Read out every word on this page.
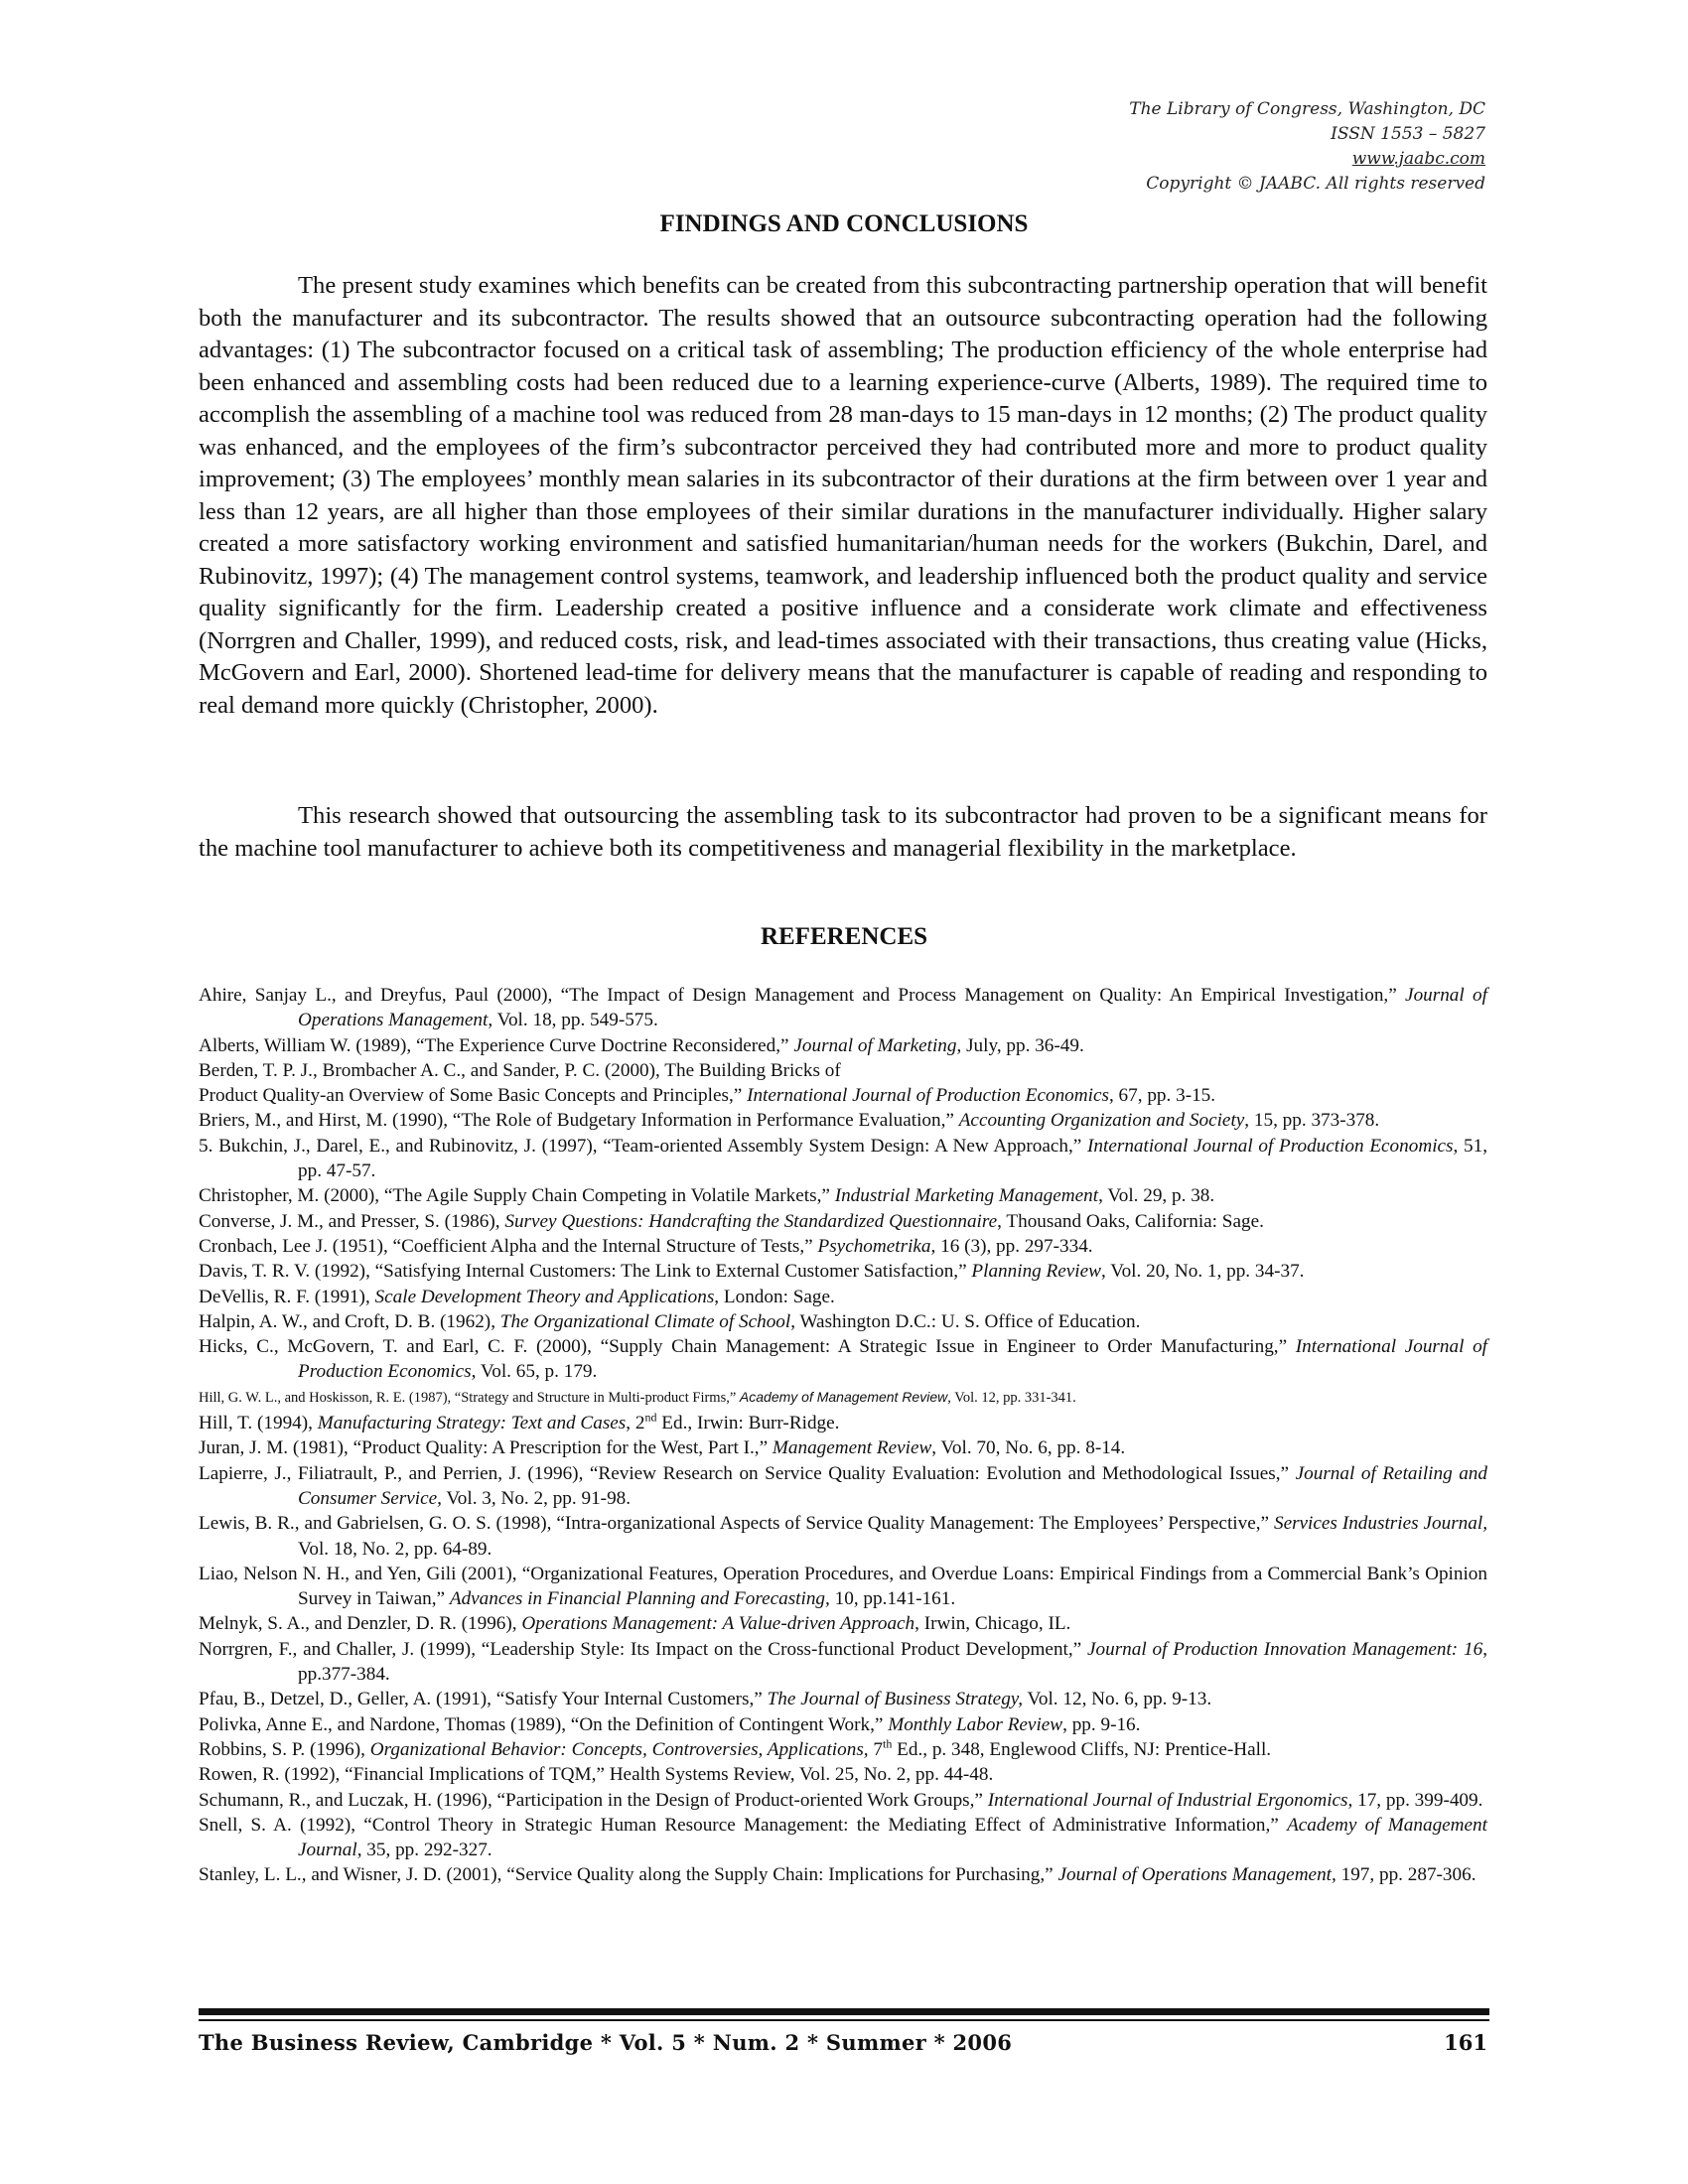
The Library of Congress, Washington, DC
ISSN 1553 – 5827
www.jaabc.com
Copyright © JAABC. All rights reserved
FINDINGS AND CONCLUSIONS

The present study examines which benefits can be created from this subcontracting partnership operation that will benefit both the manufacturer and its subcontractor. The results showed that an outsource subcontracting operation had the following advantages: (1) The subcontractor focused on a critical task of assembling; The production efficiency of the whole enterprise had been enhanced and assembling costs had been reduced due to a learning experience-curve (Alberts, 1989). The required time to accomplish the assembling of a machine tool was reduced from 28 man-days to 15 man-days in 12 months; (2) The product quality was enhanced, and the employees of the firm’s subcontractor perceived they had contributed more and more to product quality improvement; (3) The employees’ monthly mean salaries in its subcontractor of their durations at the firm between over 1 year and less than 12 years, are all higher than those employees of their similar durations in the manufacturer individually. Higher salary created a more satisfactory working environment and satisfied humanitarian/human needs for the workers (Bukchin, Darel, and Rubinovitz, 1997); (4) The management control systems, teamwork, and leadership influenced both the product quality and service quality significantly for the firm. Leadership created a positive influence and a considerate work climate and effectiveness (Norrgren and Challer, 1999), and reduced costs, risk, and lead-times associated with their transactions, thus creating value (Hicks, McGovern and Earl, 2000). Shortened lead-time for delivery means that the manufacturer is capable of reading and responding to real demand more quickly (Christopher, 2000).

This research showed that outsourcing the assembling task to its subcontractor had proven to be a significant means for the machine tool manufacturer to achieve both its competitiveness and managerial flexibility in the marketplace.

REFERENCES
Ahire, Sanjay L., and Dreyfus, Paul (2000), “The Impact of Design Management and Process Management on Quality: An Empirical Investigation,” Journal of Operations Management, Vol. 18, pp. 549-575.
Alberts, William W. (1989), “The Experience Curve Doctrine Reconsidered,” Journal of Marketing, July, pp. 36-49.
Berden, T. P. J., Brombacher A. C., and Sander, P. C. (2000), The Building Bricks of
Product Quality-an Overview of Some Basic Concepts and Principles,” International Journal of Production Economics, 67, pp. 3-15.
Briers, M., and Hirst, M. (1990), “The Role of Budgetary Information in Performance Evaluation,” Accounting Organization and Society, 15, pp. 373-378.
5. Bukchin, J., Darel, E., and Rubinovitz, J. (1997), “Team-oriented Assembly System Design: A New Approach,” International Journal of Production Economics, 51, pp. 47-57.
Christopher, M. (2000), “The Agile Supply Chain Competing in Volatile Markets,” Industrial Marketing Management, Vol. 29, p. 38.
Converse, J. M., and Presser, S. (1986), Survey Questions: Handcrafting the Standardized Questionnaire, Thousand Oaks, California: Sage.
Cronbach, Lee J. (1951), “Coefficient Alpha and the Internal Structure of Tests,” Psychometrika, 16 (3), pp. 297-334.
Davis, T. R. V. (1992), “Satisfying Internal Customers: The Link to External Customer Satisfaction,” Planning Review, Vol. 20, No. 1, pp. 34-37.
DeVellis, R. F. (1991), Scale Development Theory and Applications, London: Sage.
Halpin, A. W., and Croft, D. B. (1962), The Organizational Climate of School, Washington D.C.: U. S. Office of Education.
Hicks, C., McGovern, T. and Earl, C. F. (2000), “Supply Chain Management: A Strategic Issue in Engineer to Order Manufacturing,” International Journal of Production Economics, Vol. 65, p. 179.
Hill, G. W. L., and Hoskisson, R. E. (1987), “Strategy and Structure in Multi-product Firms,” Academy of Management Review, Vol. 12, pp. 331-341.
Hill, T. (1994), Manufacturing Strategy: Text and Cases, 2nd Ed., Irwin: Burr-Ridge.
Juran, J. M. (1981), “Product Quality: A Prescription for the West, Part I.,” Management Review, Vol. 70, No. 6, pp. 8-14.
Lapierre, J., Filiatrault, P., and Perrien, J. (1996), “Review Research on Service Quality Evaluation: Evolution and Methodological Issues,” Journal of Retailing and Consumer Service, Vol. 3, No. 2, pp. 91-98.
Lewis, B. R., and Gabrielsen, G. O. S. (1998), “Intra-organizational Aspects of Service Quality Management: The Employees’ Perspective,” Services Industries Journal, Vol. 18, No. 2, pp. 64-89.
Liao, Nelson N. H., and Yen, Gili (2001), “Organizational Features, Operation Procedures, and Overdue Loans: Empirical Findings from a Commercial Bank’s Opinion Survey in Taiwan,” Advances in Financial Planning and Forecasting, 10, pp.141-161.
Melnyk, S. A., and Denzler, D. R. (1996), Operations Management: A Value-driven Approach, Irwin, Chicago, IL.
Norrgren, F., and Challer, J. (1999), “Leadership Style: Its Impact on the Cross-functional Product Development,” Journal of Production Innovation Management: 16, pp.377-384.
Pfau, B., Detzel, D., Geller, A. (1991), “Satisfy Your Internal Customers,” The Journal of Business Strategy, Vol. 12, No. 6, pp. 9-13.
Polivka, Anne E., and Nardone, Thomas (1989), “On the Definition of Contingent Work,” Monthly Labor Review, pp. 9-16.
Robbins, S. P. (1996), Organizational Behavior: Concepts, Controversies, Applications, 7th Ed., p. 348, Englewood Cliffs, NJ: Prentice-Hall.
Rowen, R. (1992), “Financial Implications of TQM,” Health Systems Review, Vol. 25, No. 2, pp. 44-48.
Schumann, R., and Luczak, H. (1996), “Participation in the Design of Product-oriented Work Groups,” International Journal of Industrial Ergonomics, 17, pp. 399-409.
Snell, S. A. (1992), “Control Theory in Strategic Human Resource Management: the Mediating Effect of Administrative Information,” Academy of Management Journal, 35, pp. 292-327.
Stanley, L. L., and Wisner, J. D. (2001), “Service Quality along the Supply Chain: Implications for Purchasing,” Journal of Operations Management, 197, pp. 287-306.
The Business Review, Cambridge * Vol. 5 * Num. 2 * Summer * 2006	161
